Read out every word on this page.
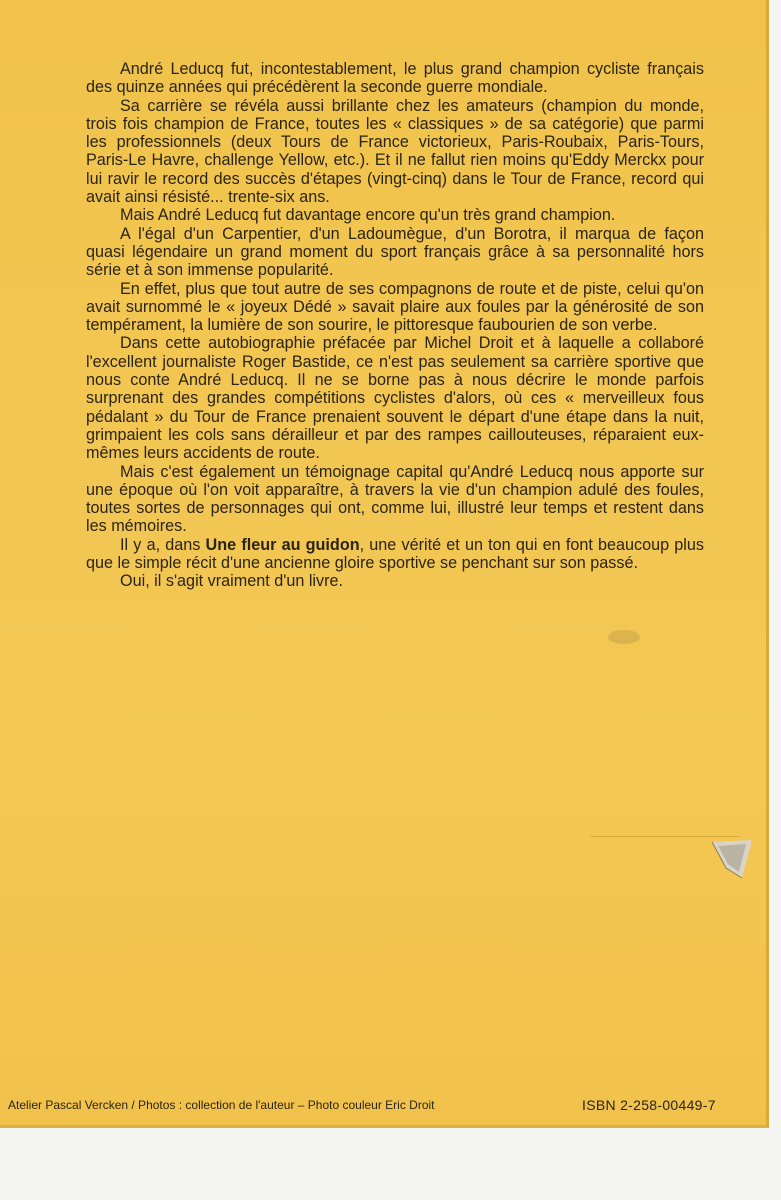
André Leducq fut, incontestablement, le plus grand champion cycliste français des quinze années qui précédèrent la seconde guerre mondiale.

Sa carrière se révéla aussi brillante chez les amateurs (champion du monde, trois fois champion de France, toutes les « classiques » de sa catégorie) que parmi les professionnels (deux Tours de France victorieux, Paris-Roubaix, Paris-Tours, Paris-Le Havre, challenge Yellow, etc.). Et il ne fallut rien moins qu'Eddy Merckx pour lui ravir le record des succès d'étapes (vingt-cinq) dans le Tour de France, record qui avait ainsi résisté... trente-six ans.

Mais André Leducq fut davantage encore qu'un très grand champion.

A l'égal d'un Carpentier, d'un Ladoumègue, d'un Borotra, il marqua de façon quasi légendaire un grand moment du sport français grâce à sa personnalité hors série et à son immense popularité.

En effet, plus que tout autre de ses compagnons de route et de piste, celui qu'on avait surnommé le « joyeux Dédé » savait plaire aux foules par la générosité de son tempérament, la lumière de son sourire, le pittoresque faubourien de son verbe.

Dans cette autobiographie préfacée par Michel Droit et à laquelle a collaboré l'excellent journaliste Roger Bastide, ce n'est pas seulement sa carrière sportive que nous conte André Leducq. Il ne se borne pas à nous décrire le monde parfois surprenant des grandes compétitions cyclistes d'alors, où ces « merveilleux fous pédalant » du Tour de France prenaient souvent le départ d'une étape dans la nuit, grimpaient les cols sans dérailleur et par des rampes caillouteuses, réparaient eux-mêmes leurs accidents de route.

Mais c'est également un témoignage capital qu'André Leducq nous apporte sur une époque où l'on voit apparaître, à travers la vie d'un champion adulé des foules, toutes sortes de personnages qui ont, comme lui, illustré leur temps et restent dans les mémoires.

Il y a, dans Une fleur au guidon, une vérité et un ton qui en font beaucoup plus que le simple récit d'une ancienne gloire sportive se penchant sur son passé.

Oui, il s'agit vraiment d'un livre.

Atelier Pascal Vercken / Photos : collection de l'auteur – Photo couleur Eric Droit	ISBN 2-258-00449-7
